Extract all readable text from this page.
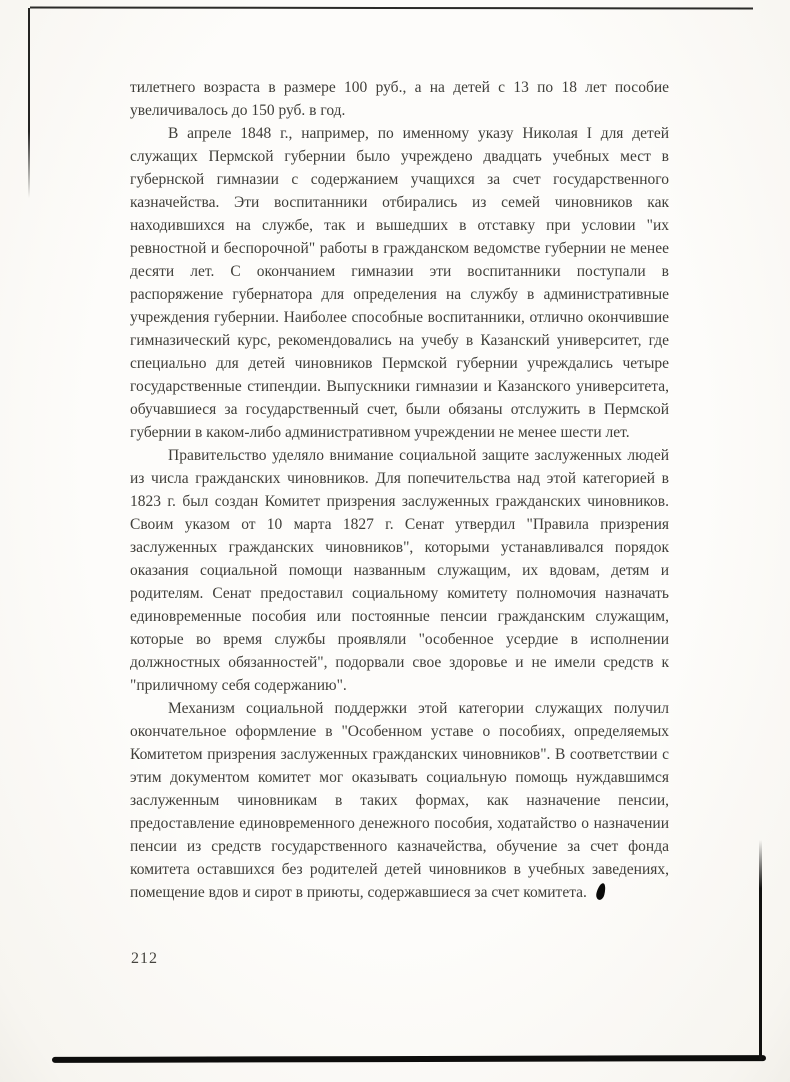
тилетнего возраста в размере 100 руб., а на детей с 13 по 18 лет пособие увеличивалось до 150 руб. в год.

В апреле 1848 г., например, по именному указу Николая I для детей служащих Пермской губернии было учреждено двадцать учебных мест в губернской гимназии с содержанием учащихся за счет государственного казначейства. Эти воспитанники отбирались из семей чиновников как находившихся на службе, так и вышедших в отставку при условии "их ревностной и беспорочной" работы в гражданском ведомстве губернии не менее десяти лет. С окончанием гимназии эти воспитанники поступали в распоряжение губернатора для определения на службу в административные учреждения губернии. Наиболее способные воспитанники, отлично окончившие гимназический курс, рекомендовались на учебу в Казанский университет, где специально для детей чиновников Пермской губернии учреждались четыре государственные стипендии. Выпускники гимназии и Казанского университета, обучавшиеся за государственный счет, были обязаны отслужить в Пермской губернии в каком-либо административном учреждении не менее шести лет.

Правительство уделяло внимание социальной защите заслуженных людей из числа гражданских чиновников. Для попечительства над этой категорией в 1823 г. был создан Комитет призрения заслуженных гражданских чиновников. Своим указом от 10 марта 1827 г. Сенат утвердил "Правила призрения заслуженных гражданских чиновников", которыми устанавливался порядок оказания социальной помощи названным служащим, их вдовам, детям и родителям. Сенат предоставил социальному комитету полномочия назначать единовременные пособия или постоянные пенсии гражданским служащим, которые во время службы проявляли "особенное усердие в исполнении должностных обязанностей", подорвали свое здоровье и не имели средств к "приличному себя содержанию".

Механизм социальной поддержки этой категории служащих получил окончательное оформление в "Особенном уставе о пособиях, определяемых Комитетом призрения заслуженных гражданских чиновников". В соответствии с этим документом комитет мог оказывать социальную помощь нуждавшимся заслуженным чиновникам в таких формах, как назначение пенсии, предоставление единовременного денежного пособия, ходатайство о назначении пенсии из средств государственного казначейства, обучение за счет фонда комитета оставшихся без родителей детей чиновников в учебных заведениях, помещение вдов и сирот в приюты, содержавшиеся за счет комитета.

212
